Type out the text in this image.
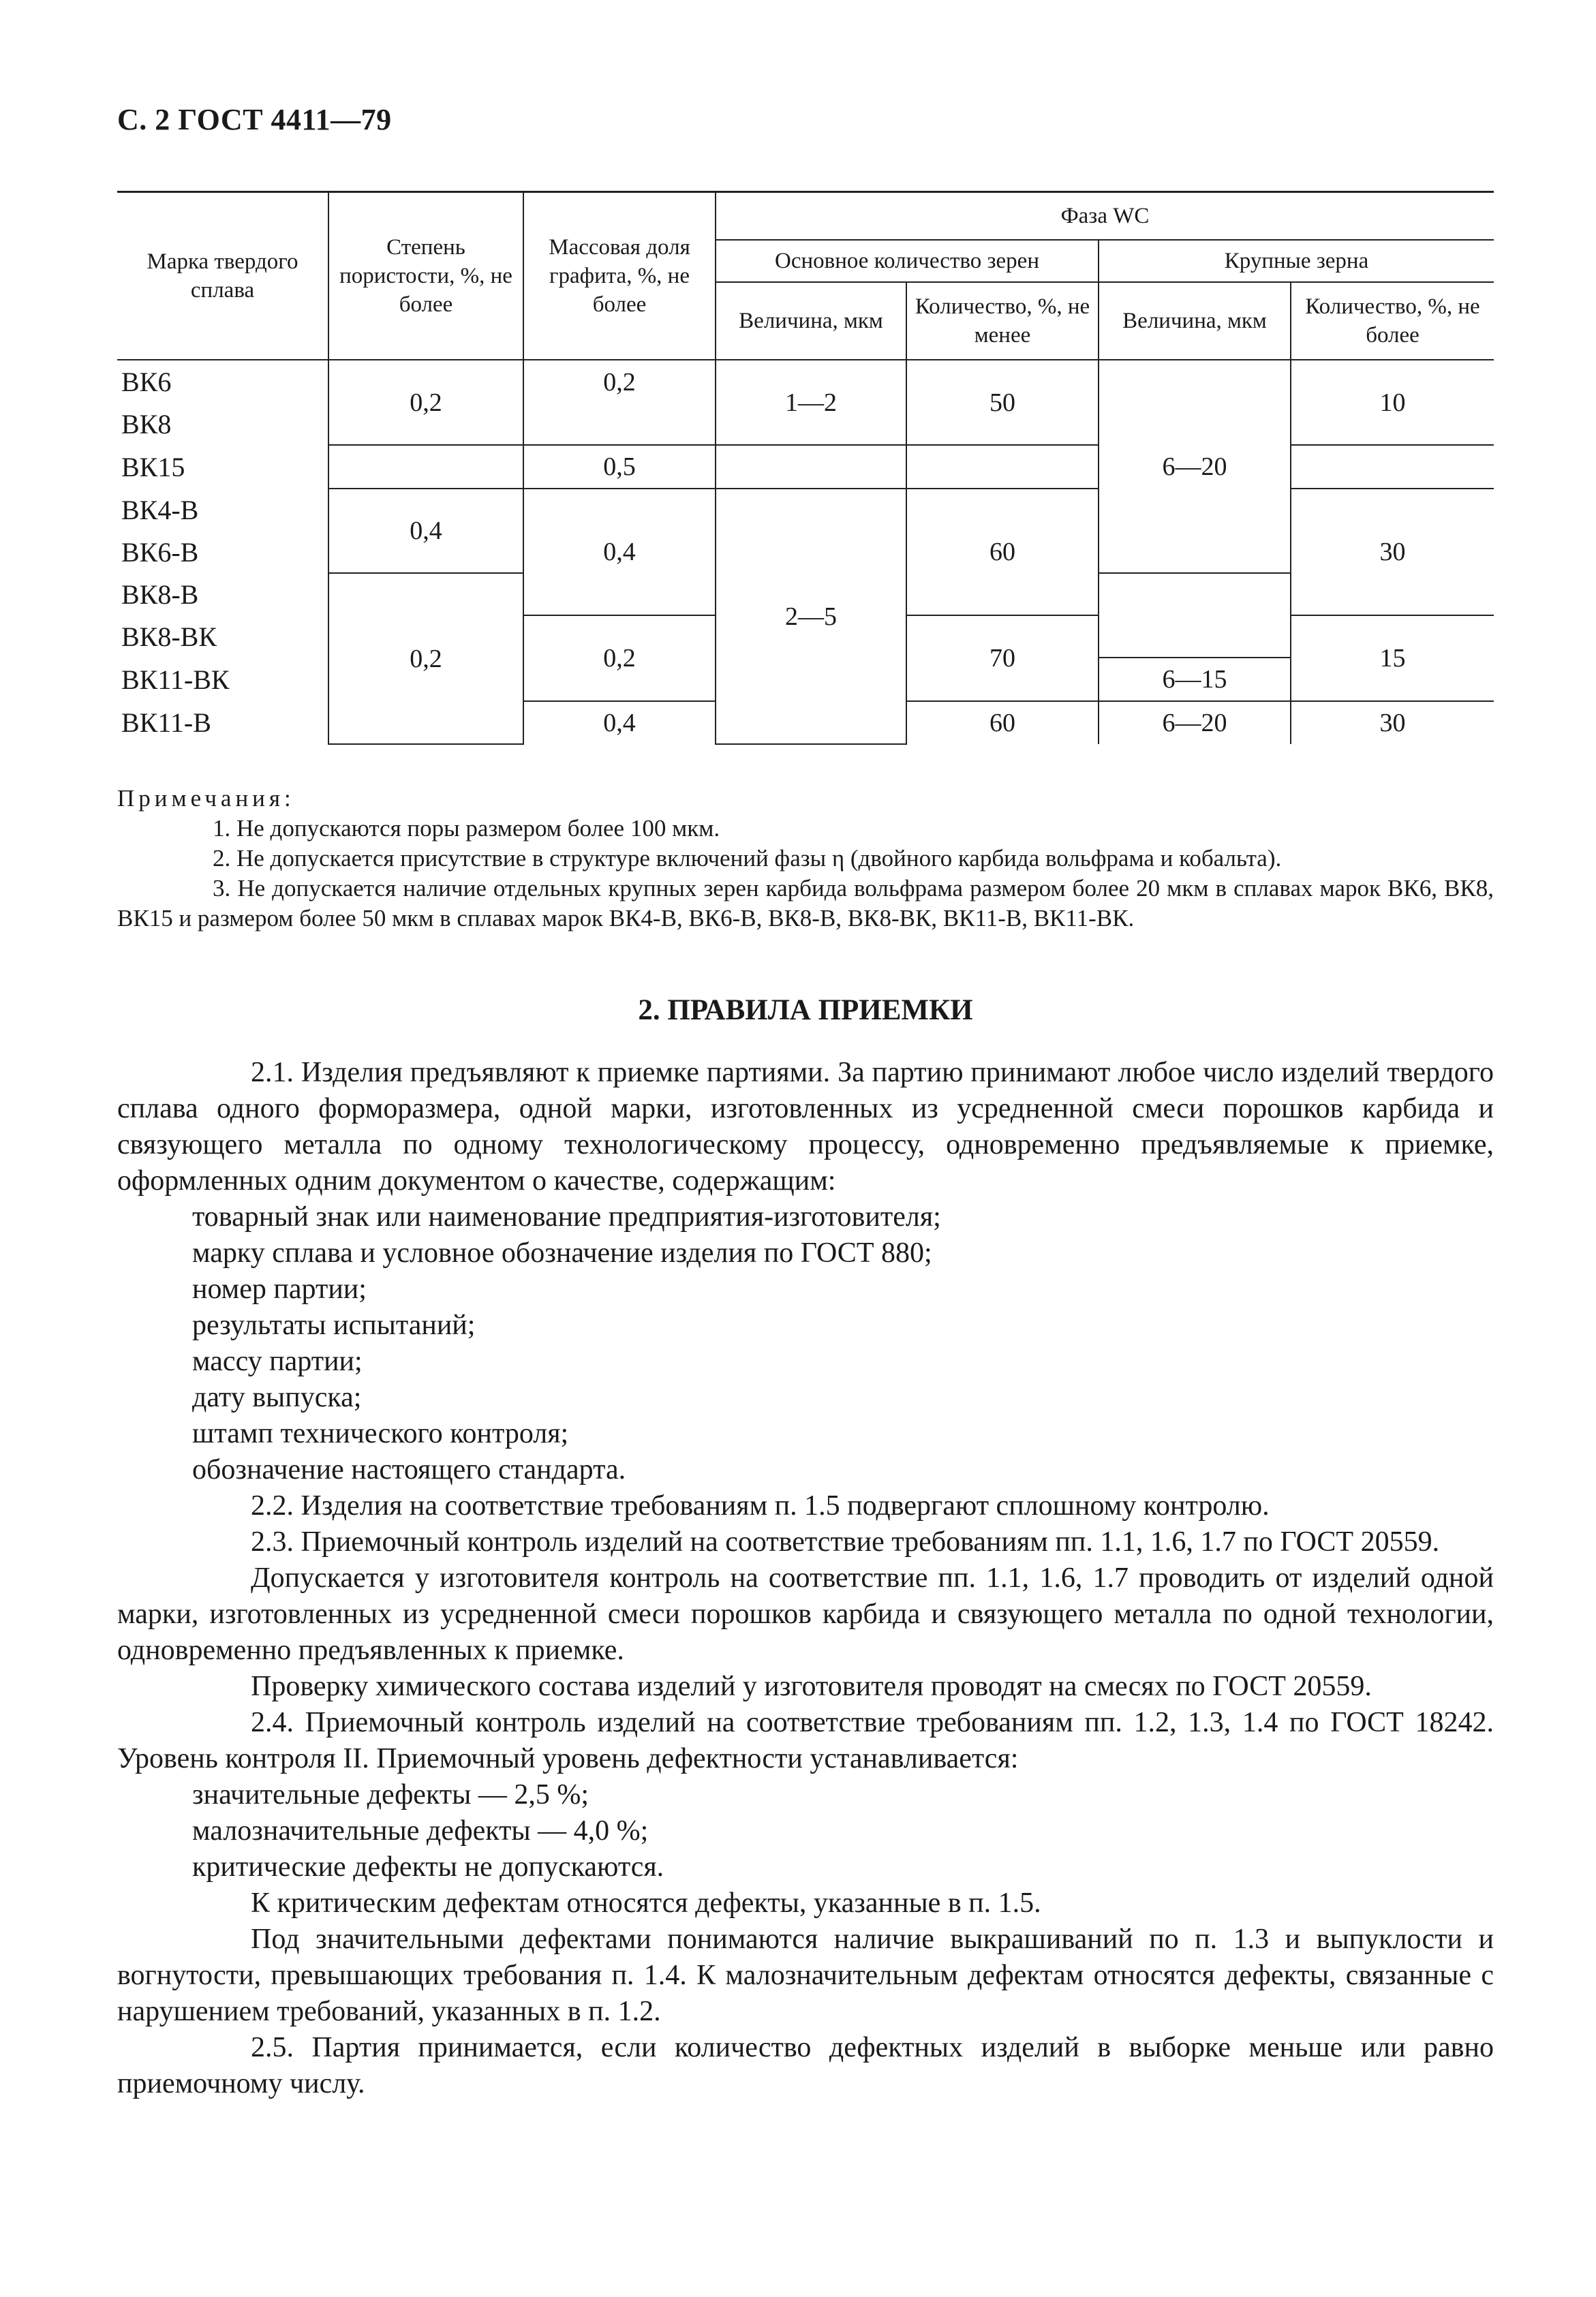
С. 2 ГОСТ 4411—79
Марка твердого сплава	Степень пористости, %, не более	Массовая доля графита, %, не более	Фаза WC			
			Основное количество зерен		Крупные зерна	
			Величина, мкм	Количество, %, не менее	Величина, мкм	Количество, %, не более
ВК6	0,2	0,2	1—2	50	6—20	10
ВК8						
ВК15		0,5				
ВК4-В	0,4	0,4	2—5	60		30
ВК6-В						
ВК8-В	0,2					
ВК8-ВК		0,2		70		15
ВК11-ВК					6—15	
ВК11-В		0,4		60	6—20	30

Примечания:

1. Не допускаются поры размером более 100 мкм.

2. Не допускается присутствие в структуре включений фазы η (двойного карбида вольфрама и кобальта).

3. Не допускается наличие отдельных крупных зерен карбида вольфрама размером более 20 мкм в сплавах марок ВК6, ВК8, ВК15 и размером более 50 мкм в сплавах марок ВК4-В, ВК6-В, ВК8-В, ВК8-ВК, ВК11-В, ВК11-ВК.

2. ПРАВИЛА ПРИЕМКИ

2.1. Изделия предъявляют к приемке партиями. За партию принимают любое число изделий твердого сплава одного форморазмера, одной марки, изготовленных из усредненной смеси порошков карбида и связующего металла по одному технологическому процессу, одновременно предъявляемые к приемке, оформленных одним документом о качестве, содержащим:

товарный знак или наименование предприятия-изготовителя;

марку сплава и условное обозначение изделия по ГОСТ 880;

номер партии;

результаты испытаний;

массу партии;

дату выпуска;

штамп технического контроля;

обозначение настоящего стандарта.

2.2. Изделия на соответствие требованиям п. 1.5 подвергают сплошному контролю.

2.3. Приемочный контроль изделий на соответствие требованиям пп. 1.1, 1.6, 1.7 по ГОСТ 20559.

Допускается у изготовителя контроль на соответствие пп. 1.1, 1.6, 1.7 проводить от изделий одной марки, изготовленных из усредненной смеси порошков карбида и связующего металла по одной технологии, одновременно предъявленных к приемке.

Проверку химического состава изделий у изготовителя проводят на смесях по ГОСТ 20559.

2.4. Приемочный контроль изделий на соответствие требованиям пп. 1.2, 1.3, 1.4 по ГОСТ 18242. Уровень контроля II. Приемочный уровень дефектности устанавливается:

значительные дефекты — 2,5 %;

малозначительные дефекты — 4,0 %;

критические дефекты не допускаются.

К критическим дефектам относятся дефекты, указанные в п. 1.5.

Под значительными дефектами понимаются наличие выкрашиваний по п. 1.3 и выпуклости и вогнутости, превышающих требования п. 1.4. К малозначительным дефектам относятся дефекты, связанные с нарушением требований, указанных в п. 1.2.

2.5. Партия принимается, если количество дефектных изделий в выборке меньше или равно приемочному числу.
